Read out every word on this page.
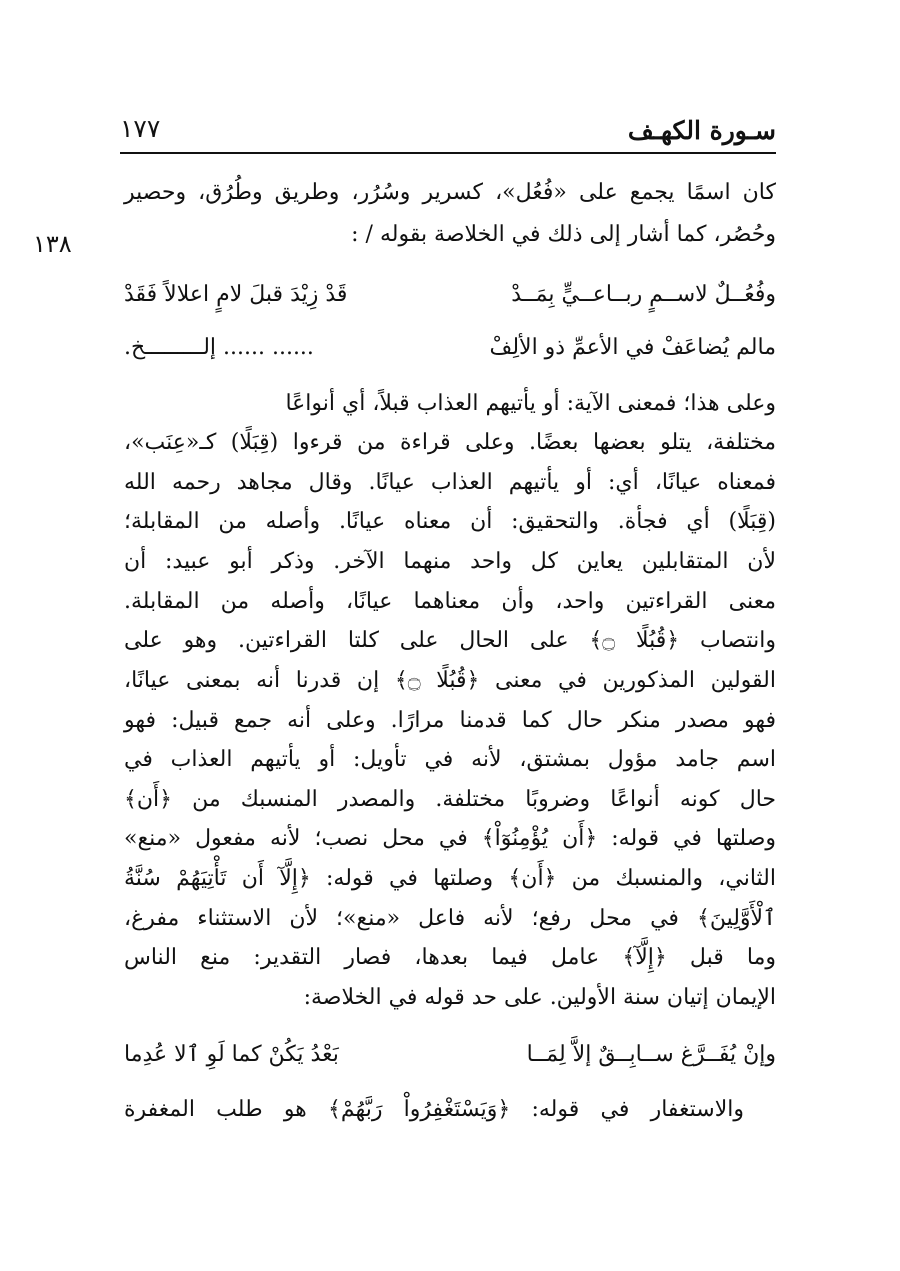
سـورة الكهـف
١٧٧
١٣٨
كان اسمًا يجمع على «فُعُل»، كسرير وسُرُر، وطريق وطُرُق، وحصير
وحُصُر، كما أشار إلى ذلك في الخلاصة بقوله / :
وفُعُــلٌ لاســمٍ ربــاعــيٍّ بِمَــدْ
قَدْ زِيْدَ قبلَ لامٍ اعلالاً فَقَدْ
مالم يُضاعَفْ في الأعمِّ ذو الألِفْ
...... ...... إلـــــــــخ.
وعلى هذا؛ فمعنى الآية: أو يأتيهم العذاب قبلاً، أي أنواعًا
مختلفة، يتلو بعضها بعضًا. وعلى قراءة من قرءوا (قِبَلًا) كـ«عِنَب»،
فمعناه عيانًا، أي: أو يأتيهم العذاب عيانًا. وقال مجاهد رحمه الله
(قِبَلًا) أي فجأة. والتحقيق: أن معناه عيانًا. وأصله من المقابلة؛
لأن المتقابلين يعاين كل واحد منهما الآخر. وذكر أبو عبيد: أن
معنى القراءتين واحد، وأن معناهما عيانًا، وأصله من المقابلة.
وانتصاب ﴿قُبُلًا ۝﴾ على الحال على كلتا القراءتين. وهو على
القولين المذكورين في معنى ﴿قُبُلًا ۝﴾ إن قدرنا أنه بمعنى عيانًا،
فهو مصدر منكر حال كما قدمنا مرارًا. وعلى أنه جمع قبيل: فهو
اسم جامد مؤول بمشتق، لأنه في تأويل: أو يأتيهم العذاب في
حال كونه أنواعًا وضروبًا مختلفة. والمصدر المنسبك من ﴿أَن﴾
وصلتها في قوله: ﴿أَن يُؤْمِنُوٓاْ﴾ في محل نصب؛ لأنه مفعول «منع»
الثاني، والمنسبك من ﴿أَن﴾ وصلتها في قوله: ﴿إِلَّآ أَن تَأْتِيَهُمْ سُنَّةُ
ٱلْأَوَّلِينَ﴾ في محل رفع؛ لأنه فاعل «منع»؛ لأن الاستثناء مفرغ،
وما قبل ﴿إِلَّآ﴾ عامل فيما بعدها، فصار التقدير: منع الناس
الإيمان إتيان سنة الأولين. على حد قوله في الخلاصة:
وإنْ يُفَــرَّغ ســابِــقٌ إلاَّ لِمَــا
بَعْدُ يَكُنْ كما لَوِ ٱلا عُدِما
والاستغفار في قوله: ﴿وَيَسْتَغْفِرُواْ رَبَّهُمْ﴾ هو طلب المغفرة
